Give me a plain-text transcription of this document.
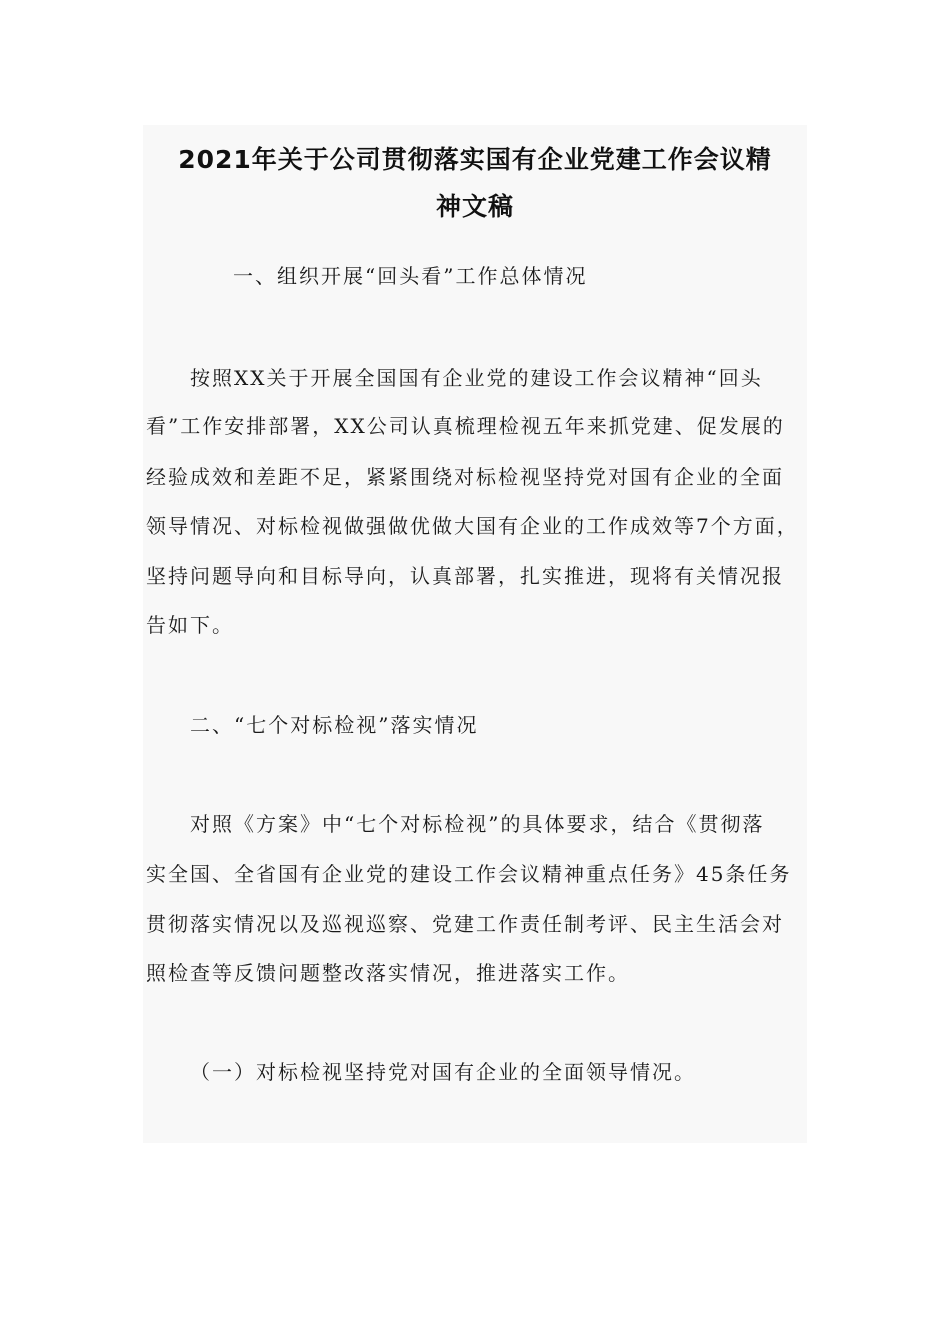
2021年关于公司贯彻落实国有企业党建工作会议精
神文稿

一、组织开展“回头看”工作总体情况

按照XX关于开展全国国有企业党的建设工作会议精神“回头

看”工作安排部署，XX公司认真梳理检视五年来抓党建、促发展的

经验成效和差距不足，紧紧围绕对标检视坚持党对国有企业的全面

领导情况、对标检视做强做优做大国有企业的工作成效等7个方面，

坚持问题导向和目标导向，认真部署，扎实推进，现将有关情况报

告如下。

二、“七个对标检视”落实情况

对照《方案》中“七个对标检视”的具体要求，结合《贯彻落

实全国、全省国有企业党的建设工作会议精神重点任务》45条任务

贯彻落实情况以及巡视巡察、党建工作责任制考评、民主生活会对

照检查等反馈问题整改落实情况，推进落实工作。

（一）对标检视坚持党对国有企业的全面领导情况。
